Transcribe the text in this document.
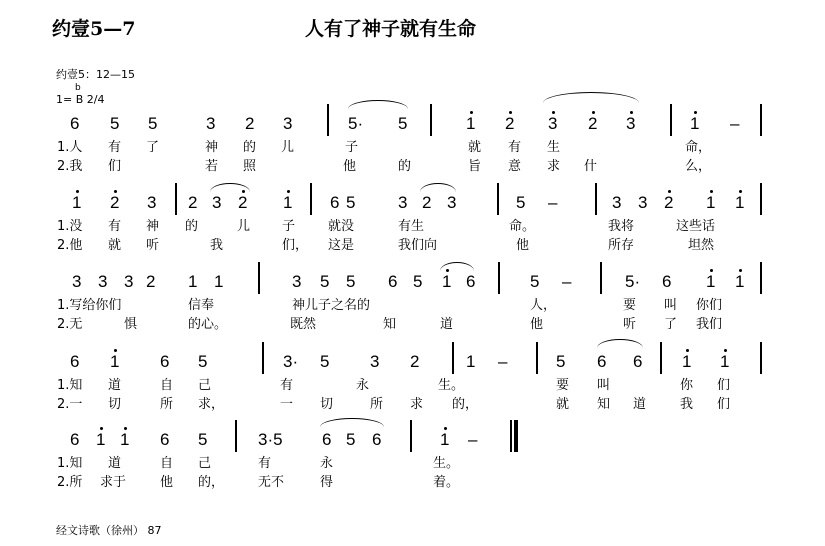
约壹5—7	人有了神子就有生命
约壹5：12—15
1= B 2/4
b
经文诗歌（徐州） 87
6 5 5	3 2 3	5· 5	1 2 3 2 3	1 –
1.人 有 了	神 的 儿	子	就 有 生	命，
2.我 们	若 照	他	的	旨 意 求 什	么，
1 2 3 2 3 2 1 6 5	3 2 3	5 –	3 3 2 1 1
1.没 有 神 的	儿 子	就没	有生	命。	我将	这些话
2.他 就 听	我	们， 这是	我们向	他	所存	坦然
3 3 3 2 1 1	3 5 5 6 5 1 6	5 –	5· 6 1 1
1.写给你们	信奉	神儿子之名的	人，	要 叫 你们
2.无	惧	的心。	既然	知	道	他	听 了 我们
6 1 6 5	3· 5 3 2	1 –	5 6 6 1 1
1.知 道	自 己	有	永	生。	要 叫	你 们
2.一 切	所 求，	一 切	所 求 的，	就 知 道	我 们
6 1 1 6 5	3·5 6 5 6	1 –
1.知 道	自 己	有	永	生。
2.所 求于	他 的，	无不	得	着。
